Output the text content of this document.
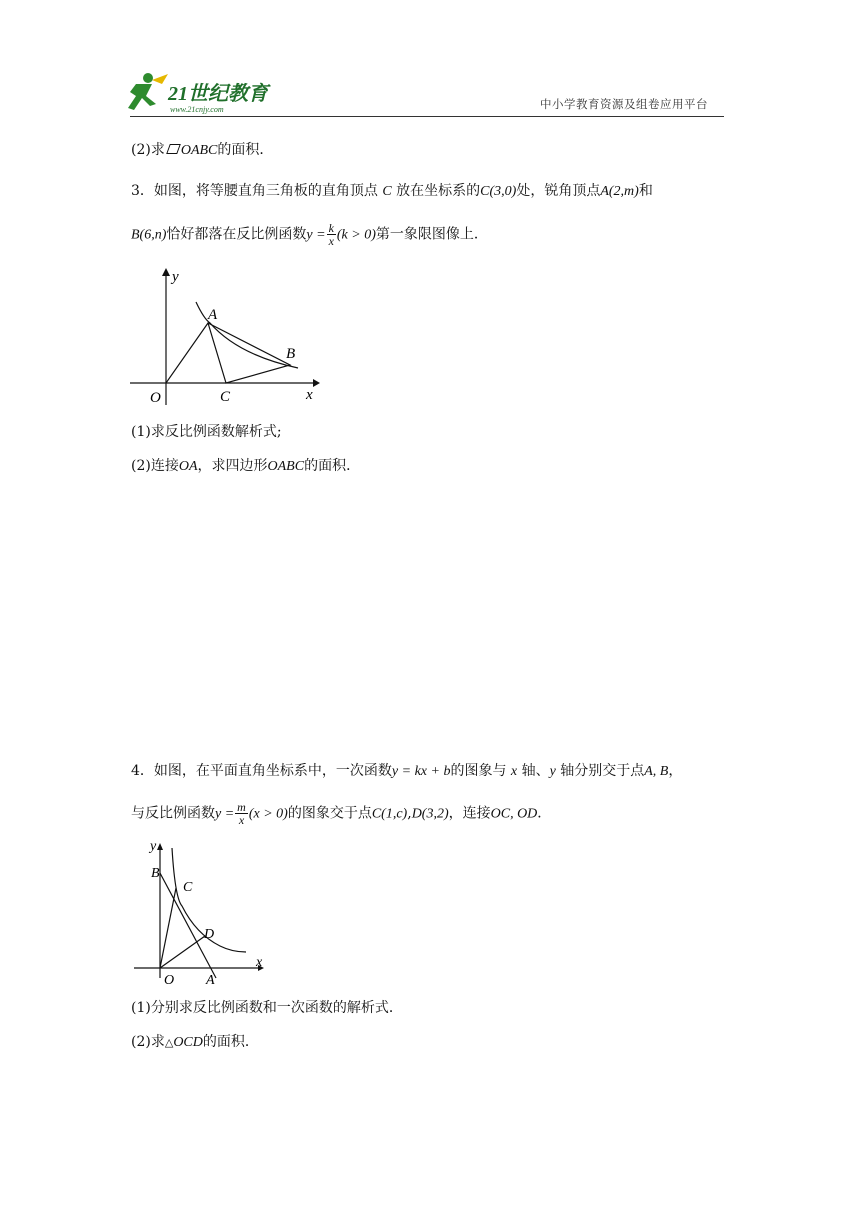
21世纪教育
www.21cnjy.com	中小学教育资源及组卷应用平台
(2)求 OABC的面积．
3．如图，将等腰直角三角板的直角顶点 C 放在坐标系的C(3,0)处，锐角顶点A(2,m)和
B(6,n)恰好都落在反比例函数$y = \frac{k}{x} (k > 0)$第一象限图像上．
y
x
O
A
B
C
(1)求反比例函数解析式;
(2)连接OA，求四边形OABC的面积．
4．如图，在平面直角坐标系中，一次函数y = kx + b的图象与 x 轴、y 轴分别交于点A, B，
与反比例函数$y = \frac{m}{x} (x > 0)$的图象交于点C(1,c),D(3,2)，连接OC, OD．
y
x
B
C
D
O A
(1)分别求反比例函数和一次函数的解析式．
(2)求△OCD的面积．
